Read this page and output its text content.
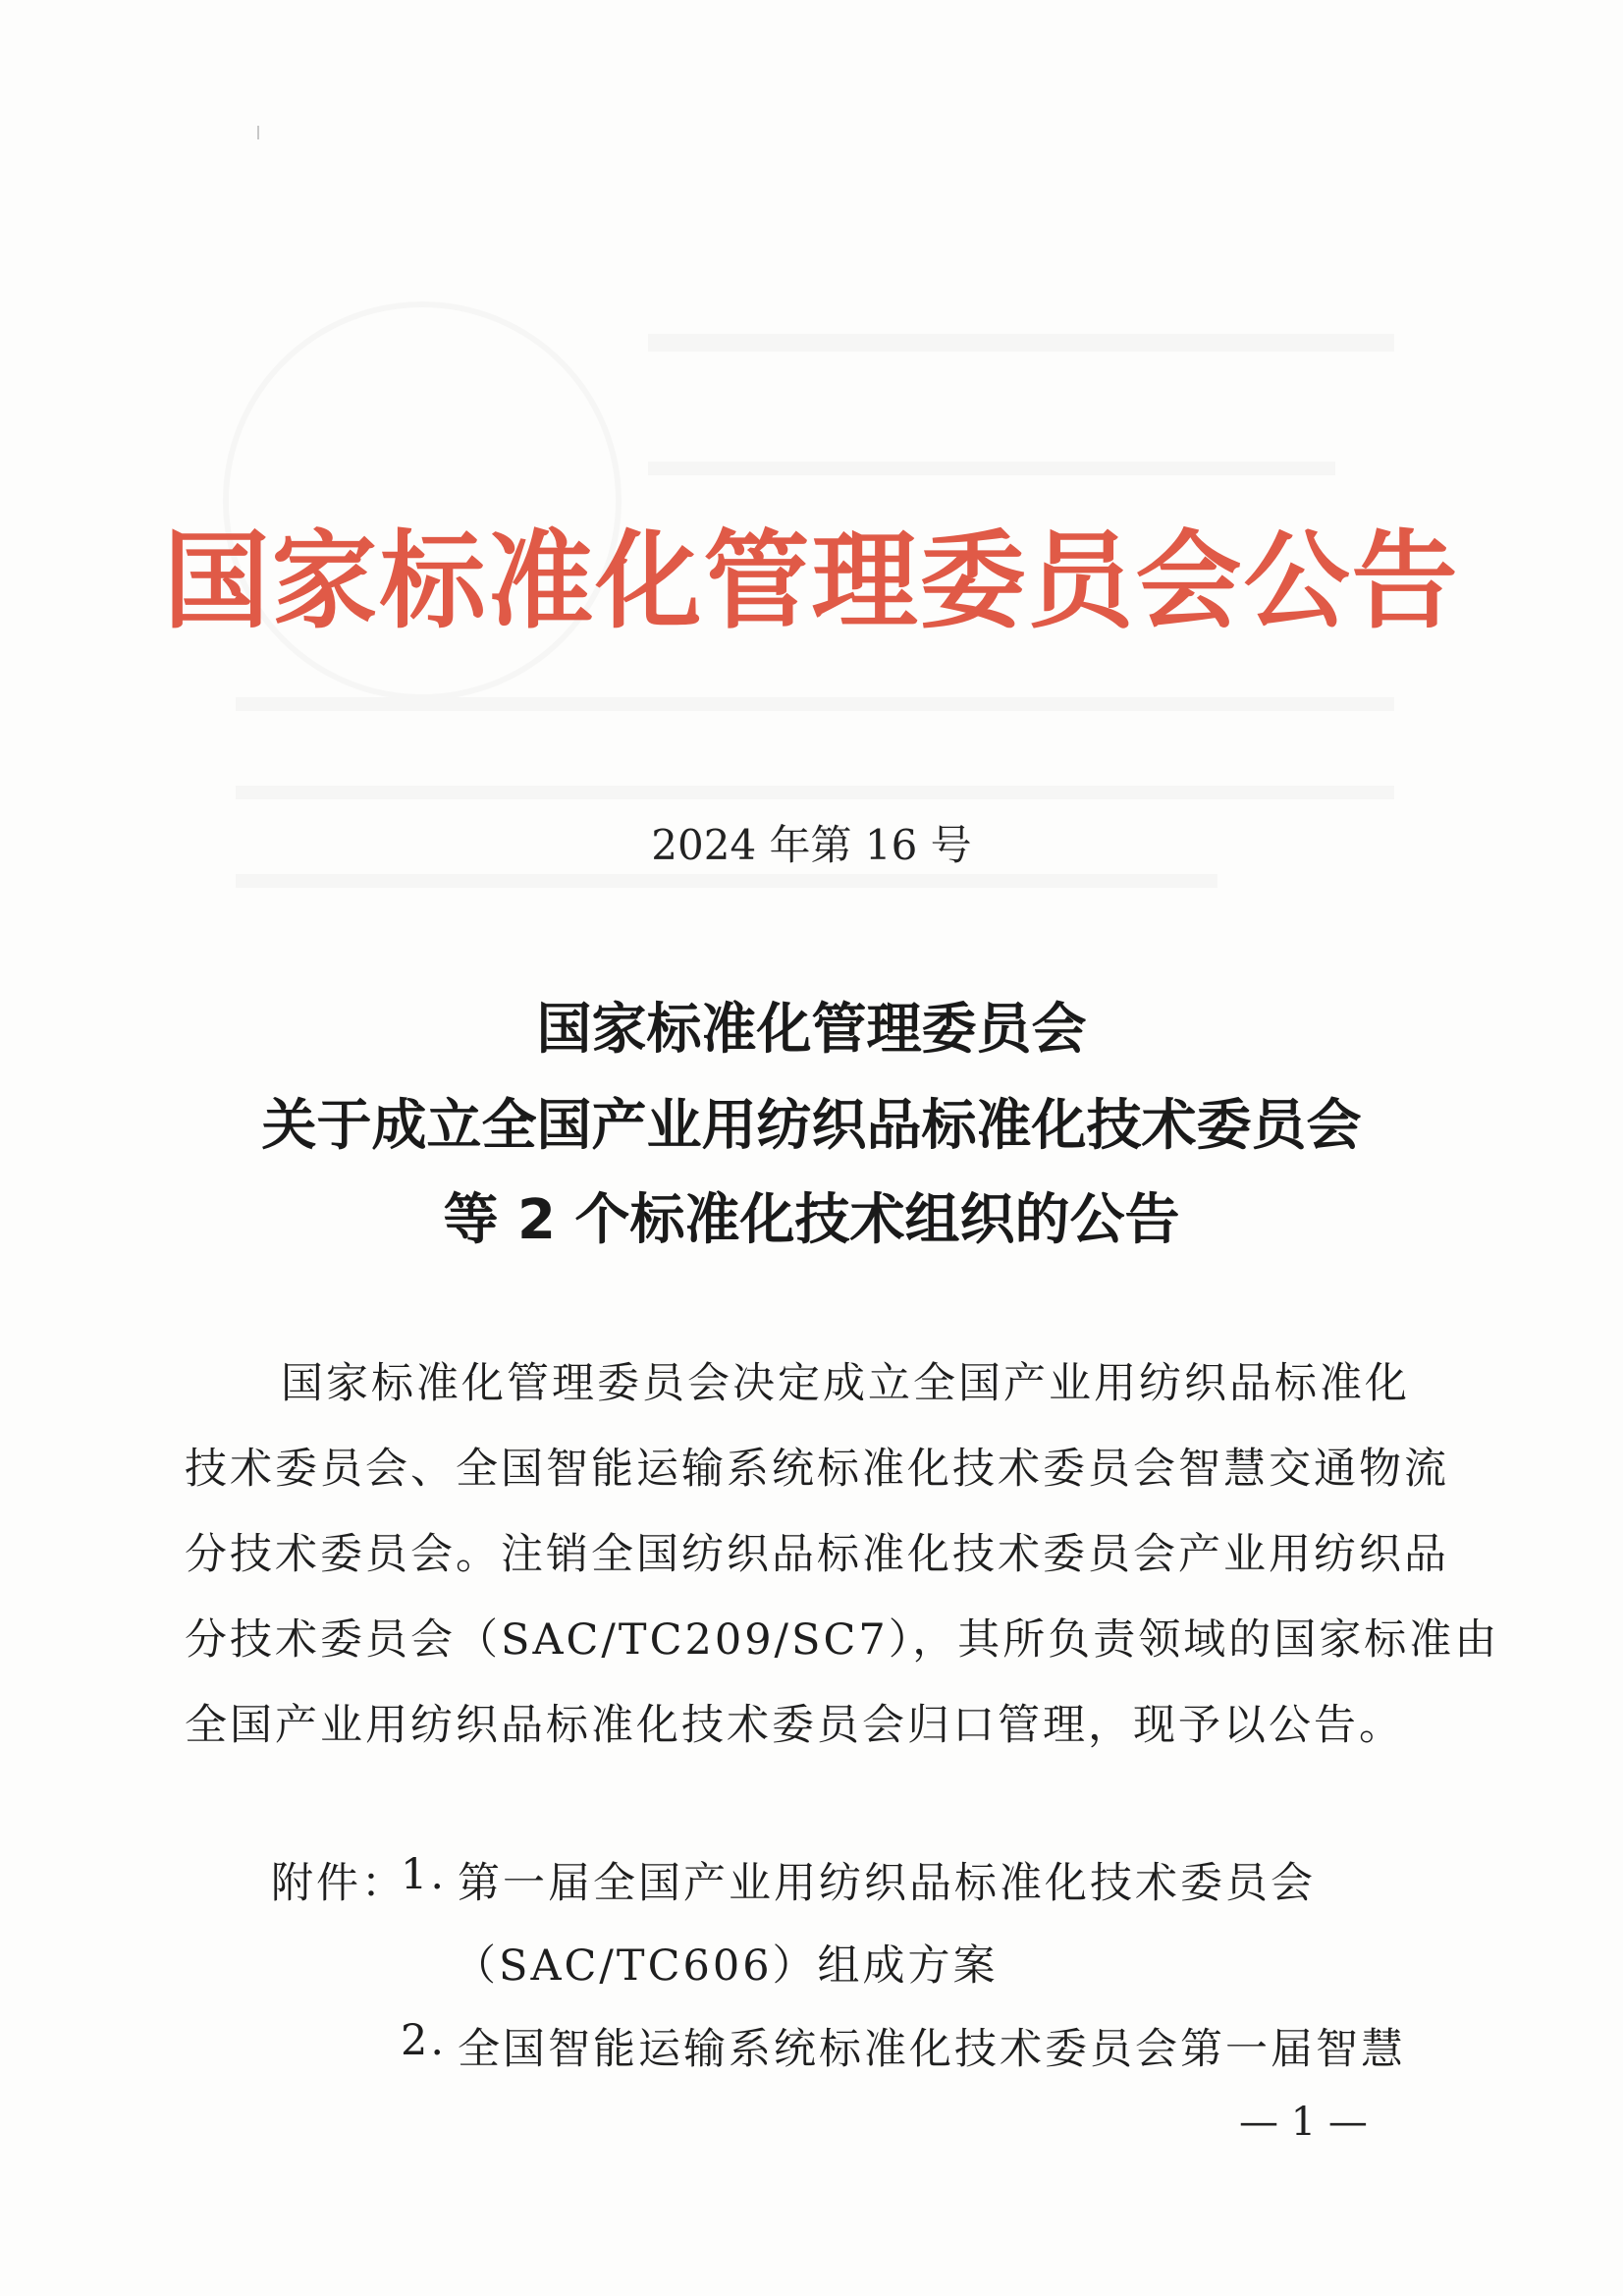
国家标准化管理委员会公告
2024 年第 16 号
国家标准化管理委员会
关于成立全国产业用纺织品标准化技术委员会
等 2 个标准化技术组织的公告
国家标准化管理委员会决定成立全国产业用纺织品标准化
技术委员会、全国智能运输系统标准化技术委员会智慧交通物流
分技术委员会。注销全国纺织品标准化技术委员会产业用纺织品
分技术委员会（SAC/TC209/SC7），其所负责领域的国家标准由
全国产业用纺织品标准化技术委员会归口管理，现予以公告。
附件：
1. 第一届全国产业用纺织品标准化技术委员会
（SAC/TC606）组成方案
2. 全国智能运输系统标准化技术委员会第一届智慧
— 1 —
